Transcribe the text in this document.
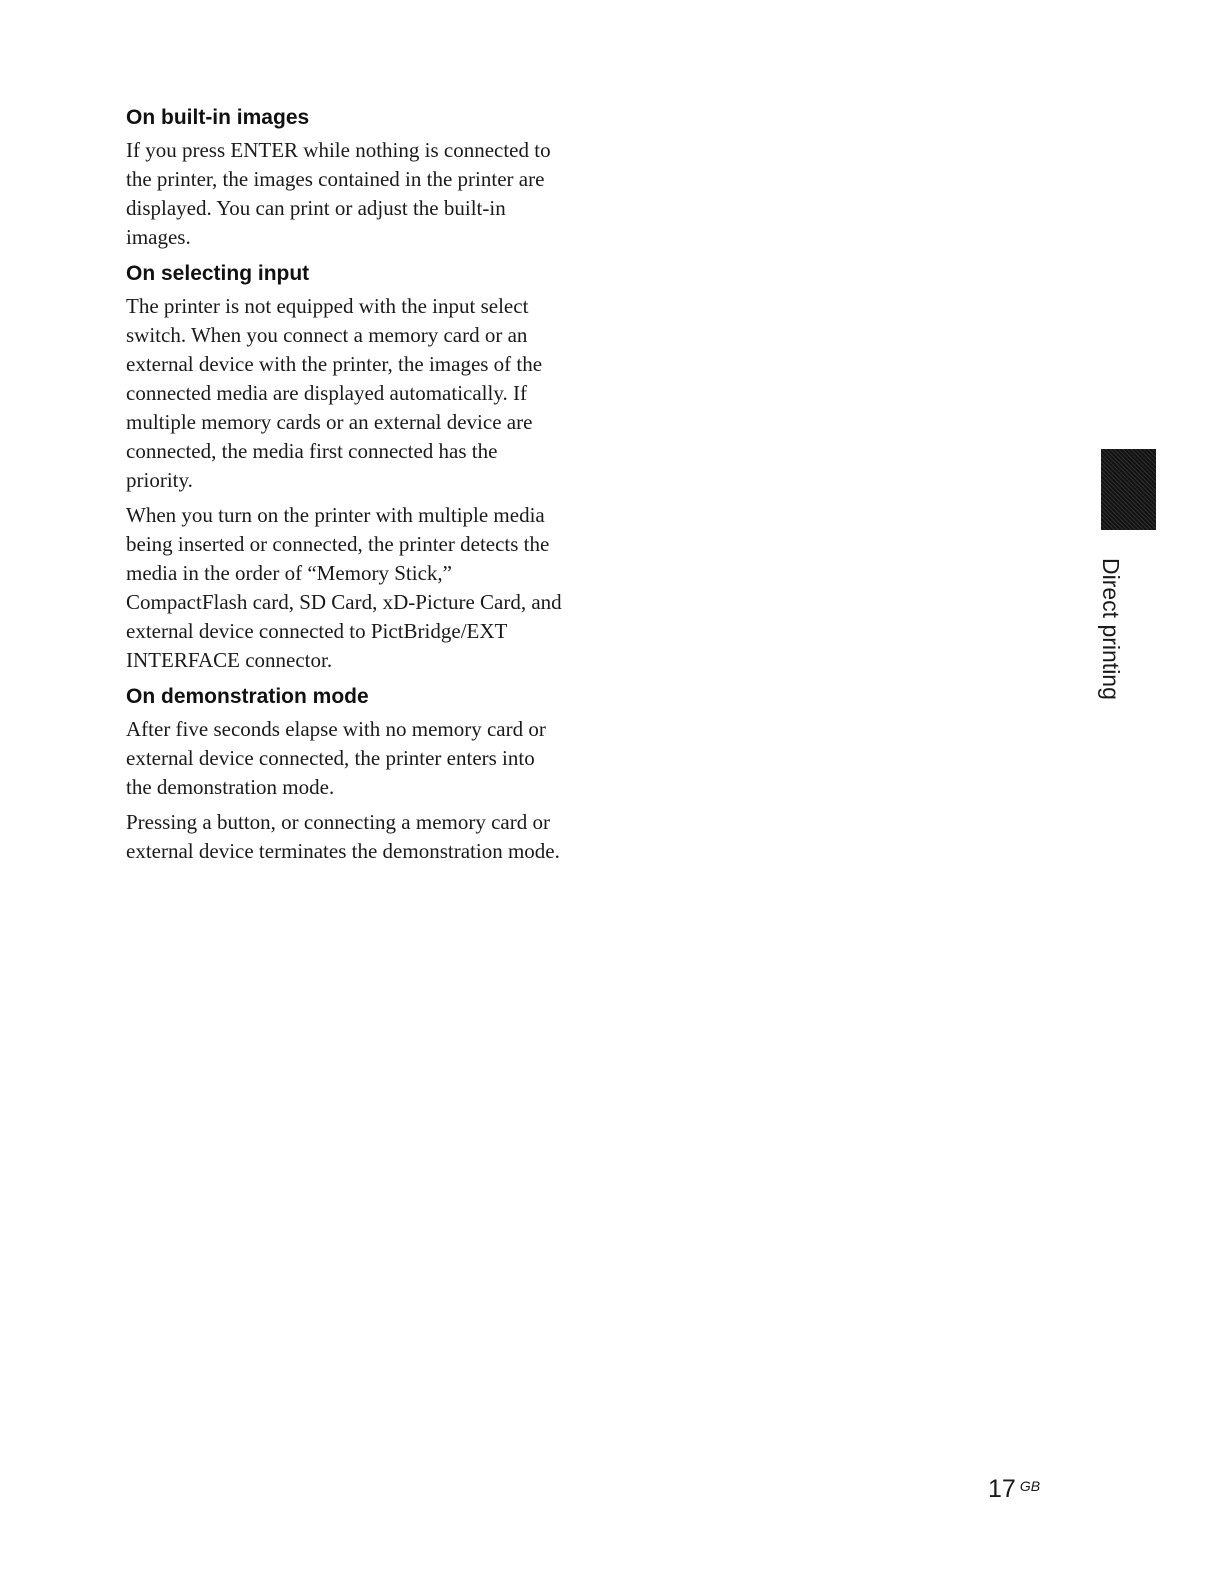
On built-in images

If you press ENTER while nothing is connected to the printer, the images contained in the printer are displayed. You can print or adjust the built-in images.

On selecting input

The printer is not equipped with the input select switch. When you connect a memory card or an external device with the printer, the images of the connected media are displayed automatically. If multiple memory cards or an external device are connected, the media first connected has the priority.

When you turn on the printer with multiple media being inserted or connected, the printer detects the media in the order of “Memory Stick,” CompactFlash card, SD Card, xD-Picture Card, and external device connected to PictBridge/EXT INTERFACE connector.

On demonstration mode

After five seconds elapse with no memory card or external device connected, the printer enters into the demonstration mode.

Pressing a button, or connecting a memory card or external device terminates the demonstration mode.

Direct printing
17 GB
